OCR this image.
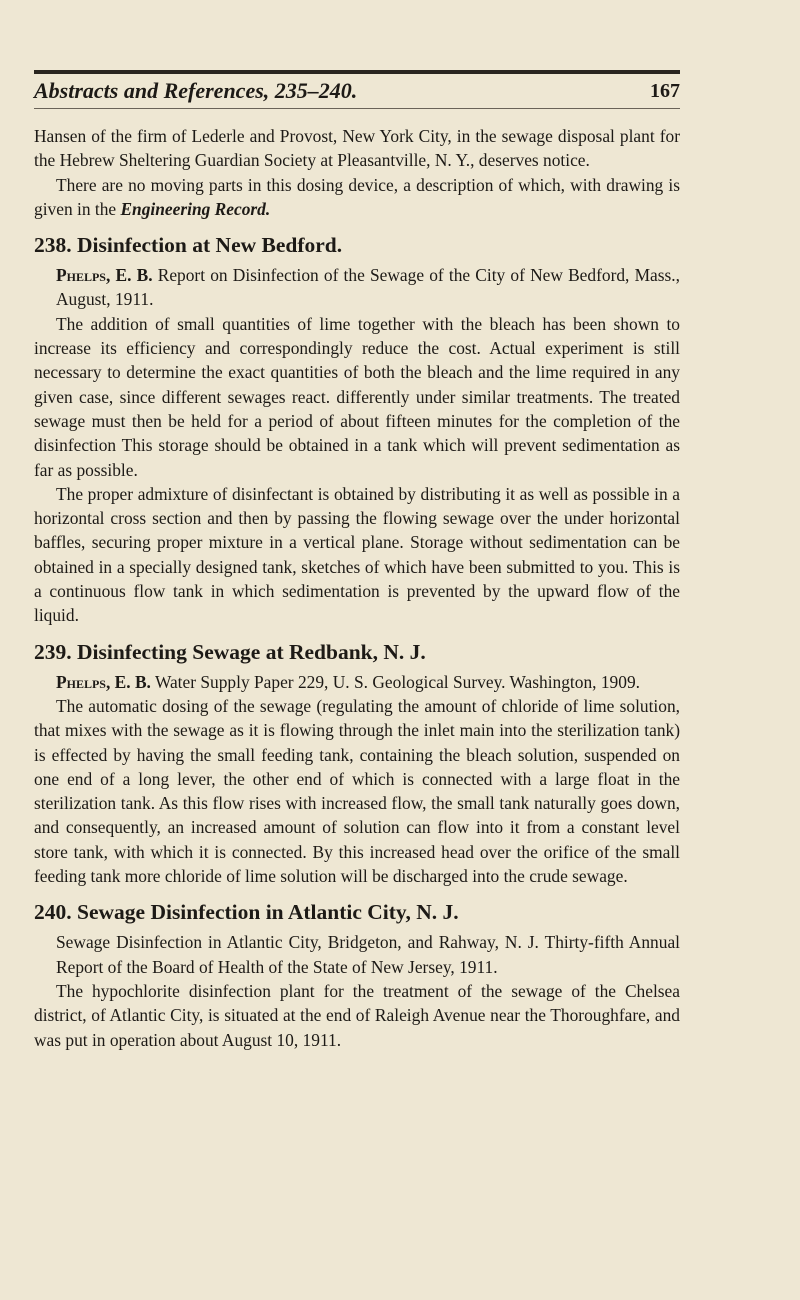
Abstracts and References, 235–240.	167

Hansen of the firm of Lederle and Provost, New York City, in the sewage disposal plant for the Hebrew Sheltering Guardian Society at Pleasantville, N. Y., deserves notice.

There are no moving parts in this dosing device, a description of which, with drawing is given in the Engineering Record.

238. Disinfection at New Bedford.

Phelps, E. B. Report on Disinfection of the Sewage of the City of New Bedford, Mass., August, 1911.

The addition of small quantities of lime together with the bleach has been shown to increase its efficiency and correspondingly reduce the cost. Actual experiment is still necessary to determine the exact quantities of both the bleach and the lime required in any given case, since different sewages react. differently under similar treatments. The treated sewage must then be held for a period of about fifteen minutes for the completion of the disinfection This storage should be obtained in a tank which will prevent sedimentation as far as possible.

The proper admixture of disinfectant is obtained by distributing it as well as possible in a horizontal cross section and then by passing the flowing sewage over the under horizontal baffles, securing proper mixture in a vertical plane. Storage without sedimentation can be obtained in a specially designed tank, sketches of which have been submitted to you. This is a continuous flow tank in which sedimentation is prevented by the upward flow of the liquid.

239. Disinfecting Sewage at Redbank, N. J.

Phelps, E. B. Water Supply Paper 229, U. S. Geological Survey. Washington, 1909.

The automatic dosing of the sewage (regulating the amount of chloride of lime solution, that mixes with the sewage as it is flowing through the inlet main into the sterilization tank) is effected by having the small feeding tank, containing the bleach solution, suspended on one end of a long lever, the other end of which is connected with a large float in the sterilization tank. As this flow rises with increased flow, the small tank naturally goes down, and consequently, an increased amount of solution can flow into it from a constant level store tank, with which it is connected. By this increased head over the orifice of the small feeding tank more chloride of lime solution will be discharged into the crude sewage.

240. Sewage Disinfection in Atlantic City, N. J.

Sewage Disinfection in Atlantic City, Bridgeton, and Rahway, N. J. Thirty-fifth Annual Report of the Board of Health of the State of New Jersey, 1911.

The hypochlorite disinfection plant for the treatment of the sewage of the Chelsea district, of Atlantic City, is situated at the end of Raleigh Avenue near the Thoroughfare, and was put in operation about August 10, 1911.
